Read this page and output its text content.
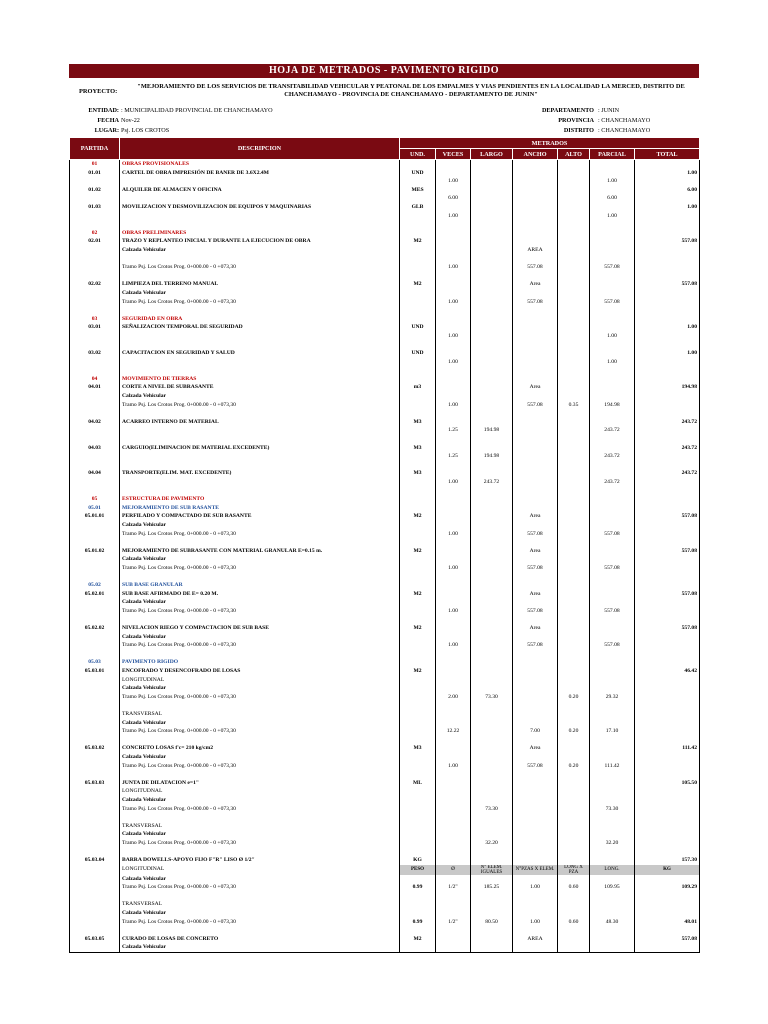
HOJA DE METRADOS - PAVIMENTO RIGIDO
PROYECTO:
"MEJORAMIENTO DE LOS SERVICIOS DE TRANSITABILIDAD VEHICULAR Y PEATONAL DE LOS EMPALMES Y VIAS PENDIENTES EN LA LOCALIDAD LA MERCED, DISTRITO DE CHANCHAMAYO - PROVINCIA DE CHANCHAMAYO - DEPARTAMENTO DE JUNIN"
ENTIDAD: : MUNICIPALIDAD PROVINCIAL DE CHANCHAMAYO
FECHA Nov-22
LUGAR: Psj. LOS CROTOS
DEPARTAMENTO : JUNIN
PROVINCIA : CHANCHAMAYO
DISTRITO : CHANCHAMAYO
PARTIDA	DESCRIPCION	METRADOS						
		UND.	VECES	LARGO	ANCHO	ALTO	PARCIAL	TOTAL
01	OBRAS PROVISIONALES							
01.01	CARTEL DE OBRA IMPRESIÓN DE BANER DE 3.6X2.4M	UND						1.00
			1.00				1.00	
01.02	ALQUILER DE ALMACEN Y OFICINA	MES						6.00
			6.00				6.00	
01.03	MOVILIZACION Y DESMOVILIZACION DE EQUIPOS Y MAQUINARIAS	GLB						1.00
			1.00				1.00	

02	OBRAS PRELIMINARES							
02.01	TRAZO Y REPLANTEO INICIAL Y DURANTE LA EJECUCION DE OBRA	M2						557.08
	Calzada Vehicular				AREA			

	Tramo Psj. Los Crotos Prog. 0+000.00 - 0 +073,30		1.00		557.08		557.08	

02.02	LIMPIEZA DEL TERRENO MANUAL	M2			Area			557.08
	Calzada Vehicular							
	Tramo Psj. Los Crotos Prog. 0+000.00 - 0 +073,30		1.00		557.08		557.08	

03	SEGURIDAD EN OBRA							
03.01	SEÑALIZACION TEMPORAL DE SEGURIDAD	UND						1.00
			1.00				1.00	

03.02	CAPACITACION EN SEGURIDAD Y SALUD	UND						1.00
			1.00				1.00	

04	MOVIMIENTO DE TIERRAS							
04.01	CORTE A NIVEL DE SUBRASANTE	m3			Area			194.98
	Calzada Vehicular							
	Tramo Psj. Los Crotos Prog. 0+000.00 - 0 +073,30		1.00		557.08	0.35	194.98	

04.02	ACARREO INTERNO DE MATERIAL	M3						243.72
			1.25	194.98			243.72	

04.03	CARGUIO(ELIMINACION DE MATERIAL EXCEDENTE)	M3						243.72
			1.25	194.98			243.72	

04.04	TRANSPORTE(ELIM. MAT. EXCEDENTE)	M3						243.72
			1.00	243.72			243.72	

05	ESTRUCTURA DE PAVIMENTO							
05.01	MEJORAMIENTO DE SUB RASANTE							
05.01.01	PERFILADO Y COMPACTADO DE SUB RASANTE	M2			Area			557.08
	Calzada Vehicular							
	Tramo Psj. Los Crotos Prog. 0+000.00 - 0 +073,30		1.00		557.08		557.08	

05.01.02	MEJORAMIENTO DE SUBRASANTE CON MATERIAL GRANULAR E=0.15 m.	M2			Area			557.08
	Calzada Vehicular							
	Tramo Psj. Los Crotos Prog. 0+000.00 - 0 +073,30		1.00		557.08		557.08	

05.02	SUB BASE GRANULAR							
05.02.01	SUB BASE AFIRMADO DE E= 0.20 M.	M2			Area			557.08
	Calzada Vehicular							
	Tramo Psj. Los Crotos Prog. 0+000.00 - 0 +073,30		1.00		557.08		557.08	

05.02.02	NIVELACION RIEGO Y COMPACTACION DE SUB BASE	M2			Area			557.08
	Calzada Vehicular							
	Tramo Psj. Los Crotos Prog. 0+000.00 - 0 +073,30		1.00		557.08		557.08	

05.03	PAVIMENTO RIGIDO							
05.03.01	ENCOFRADO Y DESENCOFRADO DE LOSAS	M2						46.42
	LONGITUDINAL							
	Calzada Vehicular							
	Tramo Psj. Los Crotos Prog. 0+000.00 - 0 +073,30		2.00	73.30		0.20	29.32	

	TRANSVERSAL							
	Calzada Vehicular							
	Tramo Psj. Los Crotos Prog. 0+000.00 - 0 +073,30		12.22		7.00	0.20	17.10	

05.03.02	CONCRETO LOSAS f'c= 210 kg/cm2	M3			Area			111.42
	Calzada Vehicular							
	Tramo Psj. Los Crotos Prog. 0+000.00 - 0 +073,30		1.00		557.08	0.20	111.42	

05.03.03	JUNTA DE DILATACION e=1"	ML						105.50
	LONGITUDNAL							
	Calzada Vehicular							
	Tramo Psj. Los Crotos Prog. 0+000.00 - 0 +073,30			73.30			73.30	

	TRANSVERSAL							
	Calzada Vehicular							
	Tramo Psj. Los Crotos Prog. 0+000.00 - 0 +073,30			32.20			32.20	

05.03.04	BARRA DOWELLS-APOYO FIJO F"R" LISO Ø 1/2"	KG						157.30
	LONGITUDINAL	PESO	Ø	N° ELEM. IGUALES	N°PZAS X ELEM.	LONG X PZA	LONG.	KG
	Calzada Vehicular							
	Tramo Psj. Los Crotos Prog. 0+000.00 - 0 +073,30	0.99	1/2"	185.25	1.00	0.60	109.95	109.29

	TRANSVERSAL							
	Calzada Vehicular							
	Tramo Psj. Los Crotos Prog. 0+000.00 - 0 +073,30	0.99	1/2"	80.50	1.00	0.60	48.30	48.01

05.03.05	CURADO DE LOSAS DE CONCRETO	M2			AREA			557.08
	Calzada Vehicular							
